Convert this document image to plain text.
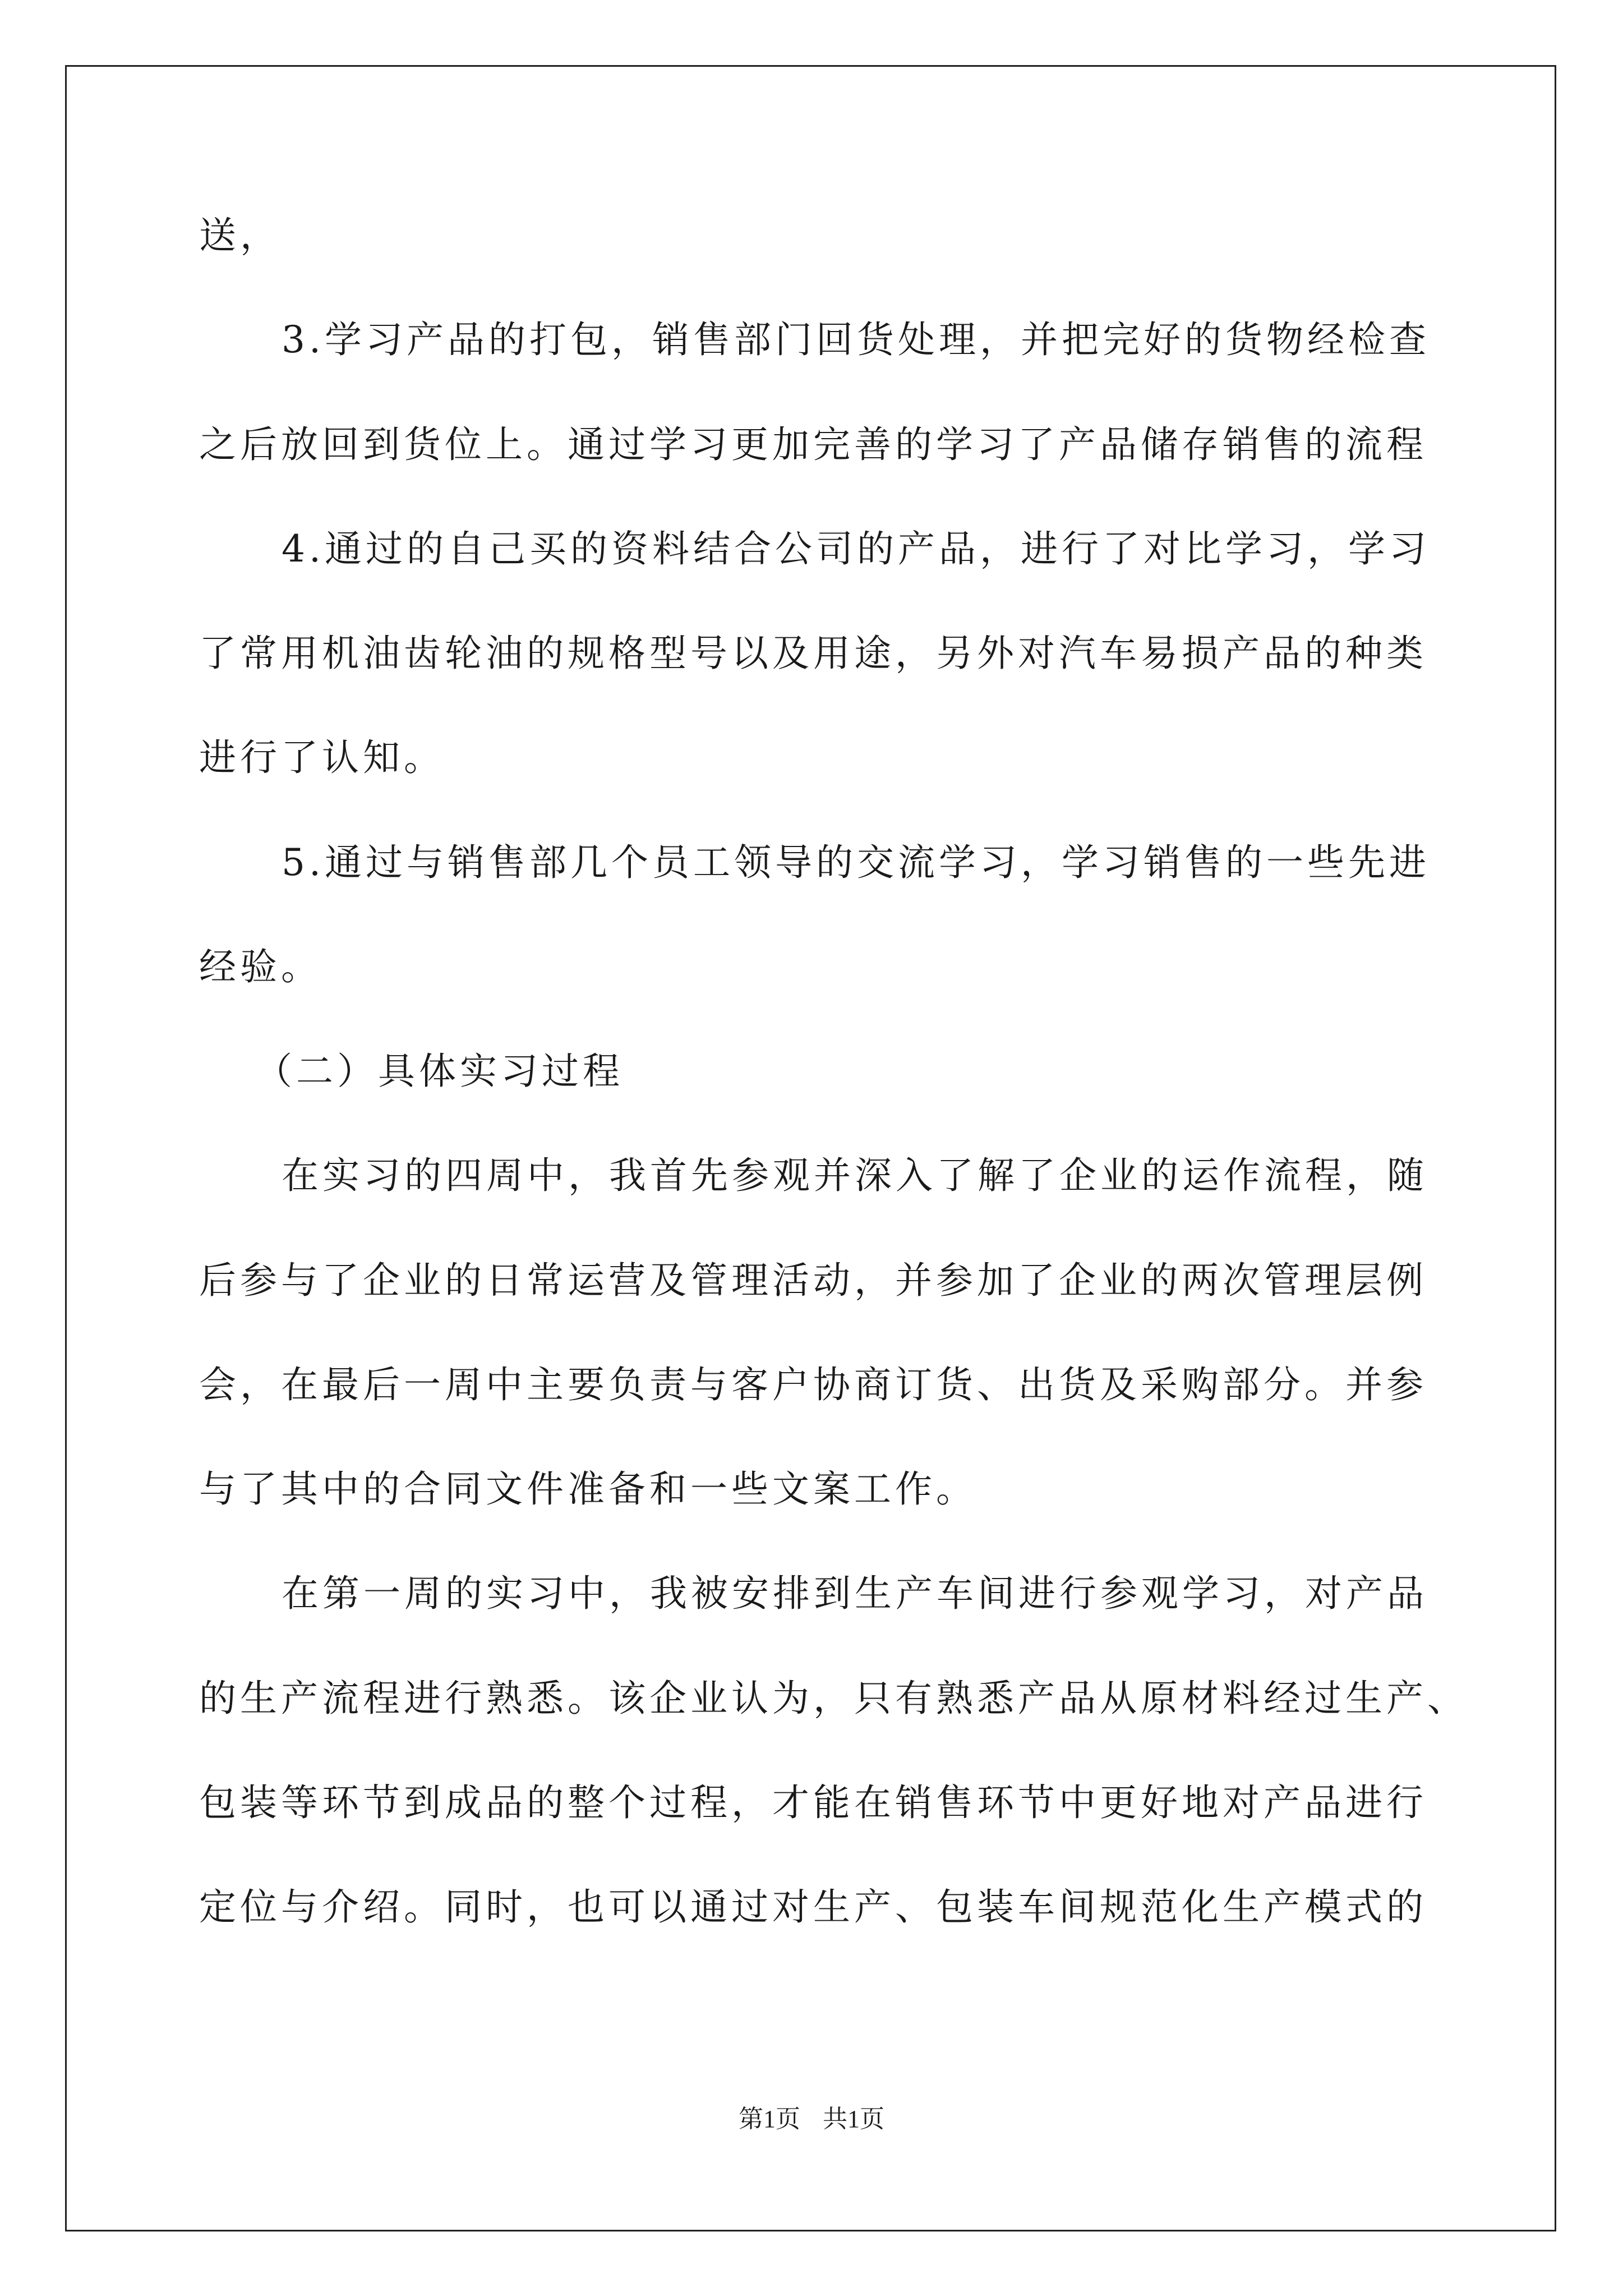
送，

3.学习产品的打包，销售部门回货处理，并把完好的货物经检查

之后放回到货位上。通过学习更加完善的学习了产品储存销售的流程

4.通过的自己买的资料结合公司的产品，进行了对比学习，学习

了常用机油齿轮油的规格型号以及用途，另外对汽车易损产品的种类

进行了认知。

5.通过与销售部几个员工领导的交流学习，学习销售的一些先进

经验。

（二）具体实习过程

在实习的四周中，我首先参观并深入了解了企业的运作流程，随

后参与了企业的日常运营及管理活动，并参加了企业的两次管理层例

会，在最后一周中主要负责与客户协商订货、出货及采购部分。并参

与了其中的合同文件准备和一些文案工作。

在第一周的实习中，我被安排到生产车间进行参观学习，对产品

的生产流程进行熟悉。该企业认为，只有熟悉产品从原材料经过生产、

包装等环节到成品的整个过程，才能在销售环节中更好地对产品进行

定位与介绍。同时，也可以通过对生产、包装车间规范化生产模式的

第1页 共1页
